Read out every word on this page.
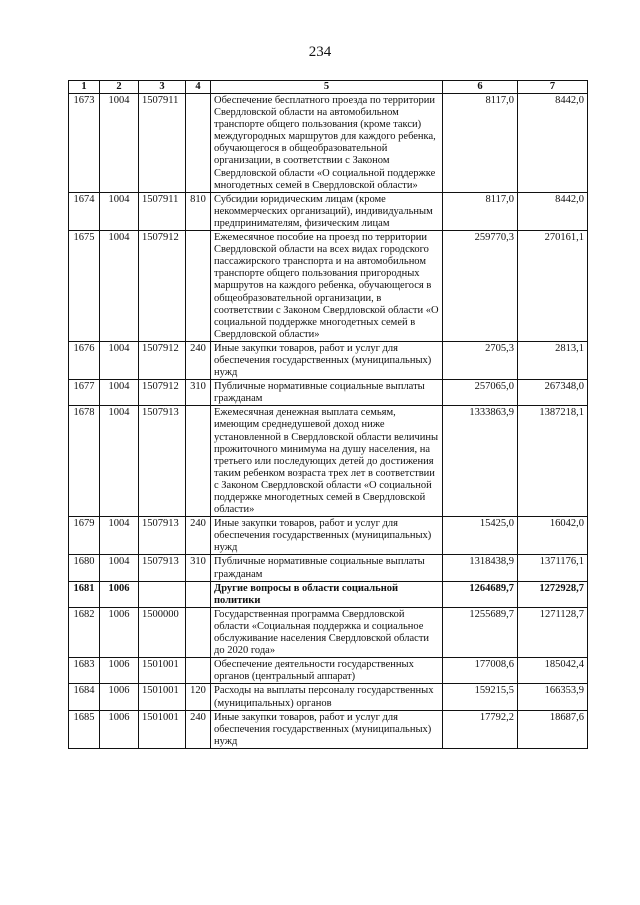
234
1	2	3	4	5	6	7
1673	1004	1507911		Обеспечение бесплатного проезда по территории Свердловской области на автомобильном транспорте общего пользования (кроме такси) междугородных маршрутов для каждого ребенка, обучающегося в общеобразовательной организации, в соответствии с Законом Свердловской области «О социальной поддержке многодетных семей в Свердловской области»	8117,0	8442,0
1674	1004	1507911	810	Субсидии юридическим лицам (кроме некоммерческих организаций), индивидуальным предпринимателям, физическим лицам	8117,0	8442,0
1675	1004	1507912		Ежемесячное пособие на проезд по территории Свердловской области на всех видах городского пассажирского транспорта и на автомобильном транспорте общего пользования пригородных маршрутов на каждого ребенка, обучающегося в общеобразовательной организации, в соответствии с Законом Свердловской области «О социальной поддержке многодетных семей в Свердловской области»	259770,3	270161,1
1676	1004	1507912	240	Иные закупки товаров, работ и услуг для обеспечения государственных (муниципальных) нужд	2705,3	2813,1
1677	1004	1507912	310	Публичные нормативные социальные выплаты гражданам	257065,0	267348,0
1678	1004	1507913		Ежемесячная денежная выплата семьям, имеющим среднедушевой доход ниже установленной в Свердловской области величины прожиточного минимума на душу населения, на третьего или последующих детей до достижения таким ребенком возраста трех лет в соответствии с Законом Свердловской области «О социальной поддержке многодетных семей в Свердловской области»	1333863,9	1387218,1
1679	1004	1507913	240	Иные закупки товаров, работ и услуг для обеспечения государственных (муниципальных) нужд	15425,0	16042,0
1680	1004	1507913	310	Публичные нормативные социальные выплаты гражданам	1318438,9	1371176,1
1681	1006			Другие вопросы в области социальной политики	1264689,7	1272928,7
1682	1006	1500000		Государственная программа Свердловской области «Социальная поддержка и социальное обслуживание населения Свердловской области до 2020 года»	1255689,7	1271128,7
1683	1006	1501001		Обеспечение деятельности государственных органов (центральный аппарат)	177008,6	185042,4
1684	1006	1501001	120	Расходы на выплаты персоналу государственных (муниципальных) органов	159215,5	166353,9
1685	1006	1501001	240	Иные закупки товаров, работ и услуг для обеспечения государственных (муниципальных) нужд	17792,2	18687,6
